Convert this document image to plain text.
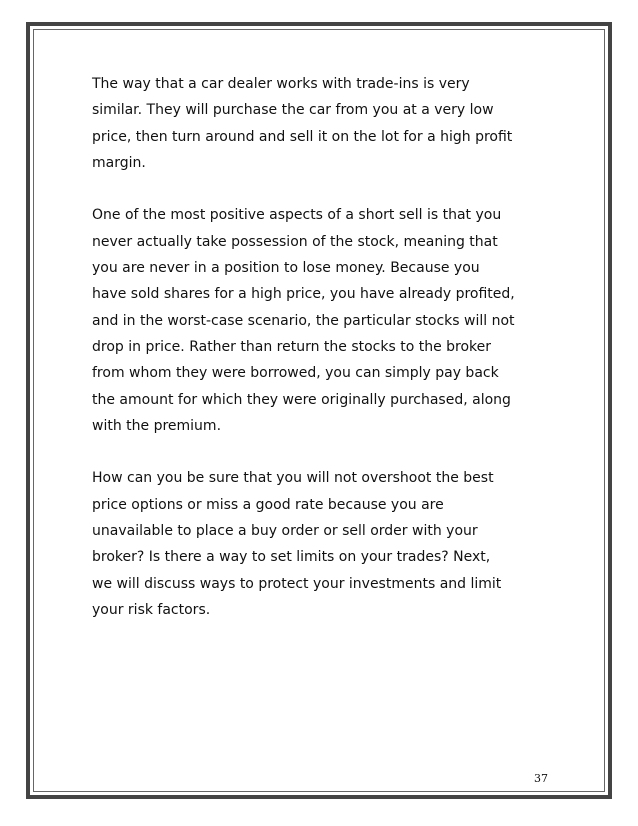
The way that a car dealer works with trade-ins is very
similar. They will purchase the car from you at a very low
price, then turn around and sell it on the lot for a high profit
margin.

One of the most positive aspects of a short sell is that you
never actually take possession of the stock, meaning that
you are never in a position to lose money. Because you
have sold shares for a high price, you have already profited,
and in the worst-case scenario, the particular stocks will not
drop in price. Rather than return the stocks to the broker
from whom they were borrowed, you can simply pay back
the amount for which they were originally purchased, along
with the premium.

How can you be sure that you will not overshoot the best
price options or miss a good rate because you are
unavailable to place a buy order or sell order with your
broker? Is there a way to set limits on your trades? Next,
we will discuss ways to protect your investments and limit
your risk factors.

37
